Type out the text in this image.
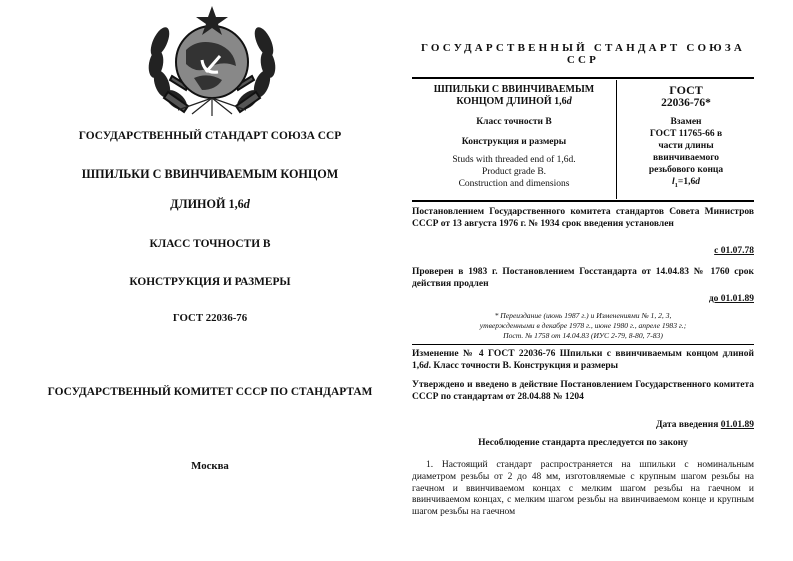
ГОСУДАРСТВЕННЫЙ СТАНДАРТ СОЮЗА ССР
ШПИЛЬКИ С ВВИНЧИВАЕМЫМ КОНЦОМ
ДЛИНОЙ 1,6d
КЛАСС ТОЧНОСТИ В
КОНСТРУКЦИЯ И РАЗМЕРЫ
ГОСТ 22036-76
ГОСУДАРСТВЕННЫЙ КОМИТЕТ СССР ПО СТАНДАРТАМ
Москва
ГОСУДАРСТВЕННЫЙ СТАНДАРТ СОЮЗА ССР
ШПИЛЬКИ С ВВИНЧИВАЕМЫМ
КОНЦОМ ДЛИНОЙ 1,6d
Класс точности B
Конструкция и размеры
Studs with threaded end of 1,6d.
Product grade B.
Construction and dimensions
ГОСТ
22036-76*
Взамен
ГОСТ 11765-66 в
части длины
ввинчиваемого
резьбового конца
$l_1=1,6d$
Постановлением Государственного комитета стандартов Совета Министров СССР от 13 августа 1976 г. № 1934 срок введения установлен
с 01.07.78
Проверен в 1983 г. Постановлением Госстандарта от 14.04.83 № 1760 срок действия продлен
до 01.01.89
* Переиздание (июнь 1987 г.) и Изменениями № 1, 2, 3,
утвержденными в декабре 1978 г., июне 1980 г., апреле 1983 г.;
Пост. № 1758 от 14.04.83 (ИУС 2-79, 8-80, 7-83)
Изменение № 4 ГОСТ 22036-76 Шпильки с ввинчиваемым концом длиной 1,6d. Класс точности В. Конструкция и размеры
Утверждено и введено в действие Постановлением Государственного комитета СССР по стандартам от 28.04.88 № 1204
Дата введения 01.01.89
Несоблюдение стандарта преследуется по закону
1. Настоящий стандарт распространяется на шпильки с номинальным диаметром резьбы от 2 до 48 мм, изготовляемые с крупным шагом резьбы на гаечном и ввинчиваемом концах с мелким шагом резьбы на гаечном и ввинчиваемом концах, с мелким шагом резьбы на ввинчиваемом конце и крупным шагом резьбы на гаечном
